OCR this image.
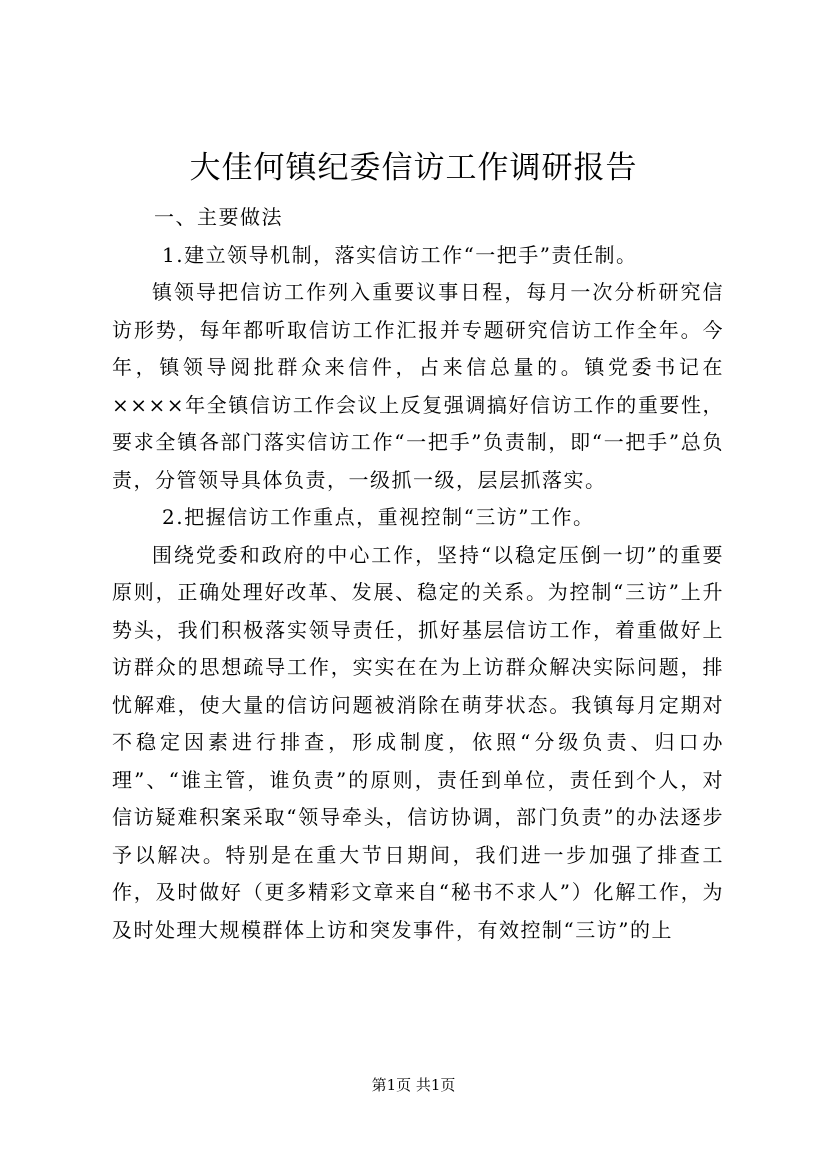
大佳何镇纪委信访工作调研报告

一、主要做法

1.建立领导机制，落实信访工作“一把手”责任制。

镇领导把信访工作列入重要议事日程，每月一次分析研究信访形势，每年都听取信访工作汇报并专题研究信访工作全年。今年，镇领导阅批群众来信件，占来信总量的。镇党委书记在××××年全镇信访工作会议上反复强调搞好信访工作的重要性，要求全镇各部门落实信访工作“一把手”负责制，即“一把手”总负责，分管领导具体负责，一级抓一级，层层抓落实。

2.把握信访工作重点，重视控制“三访”工作。

围绕党委和政府的中心工作，坚持“以稳定压倒一切”的重要原则，正确处理好改革、发展、稳定的关系。为控制“三访”上升势头，我们积极落实领导责任，抓好基层信访工作，着重做好上访群众的思想疏导工作，实实在在为上访群众解决实际问题，排忧解难，使大量的信访问题被消除在萌芽状态。我镇每月定期对不稳定因素进行排查，形成制度，依照“分级负责、归口办理”、“谁主管，谁负责”的原则，责任到单位，责任到个人，对信访疑难积案采取“领导牵头，信访协调，部门负责”的办法逐步予以解决。特别是在重大节日期间，我们进一步加强了排查工作，及时做好（更多精彩文章来自“秘书不求人”）化解工作，为及时处理大规模群体上访和突发事件，有效控制“三访”的上

第1页 共1页
